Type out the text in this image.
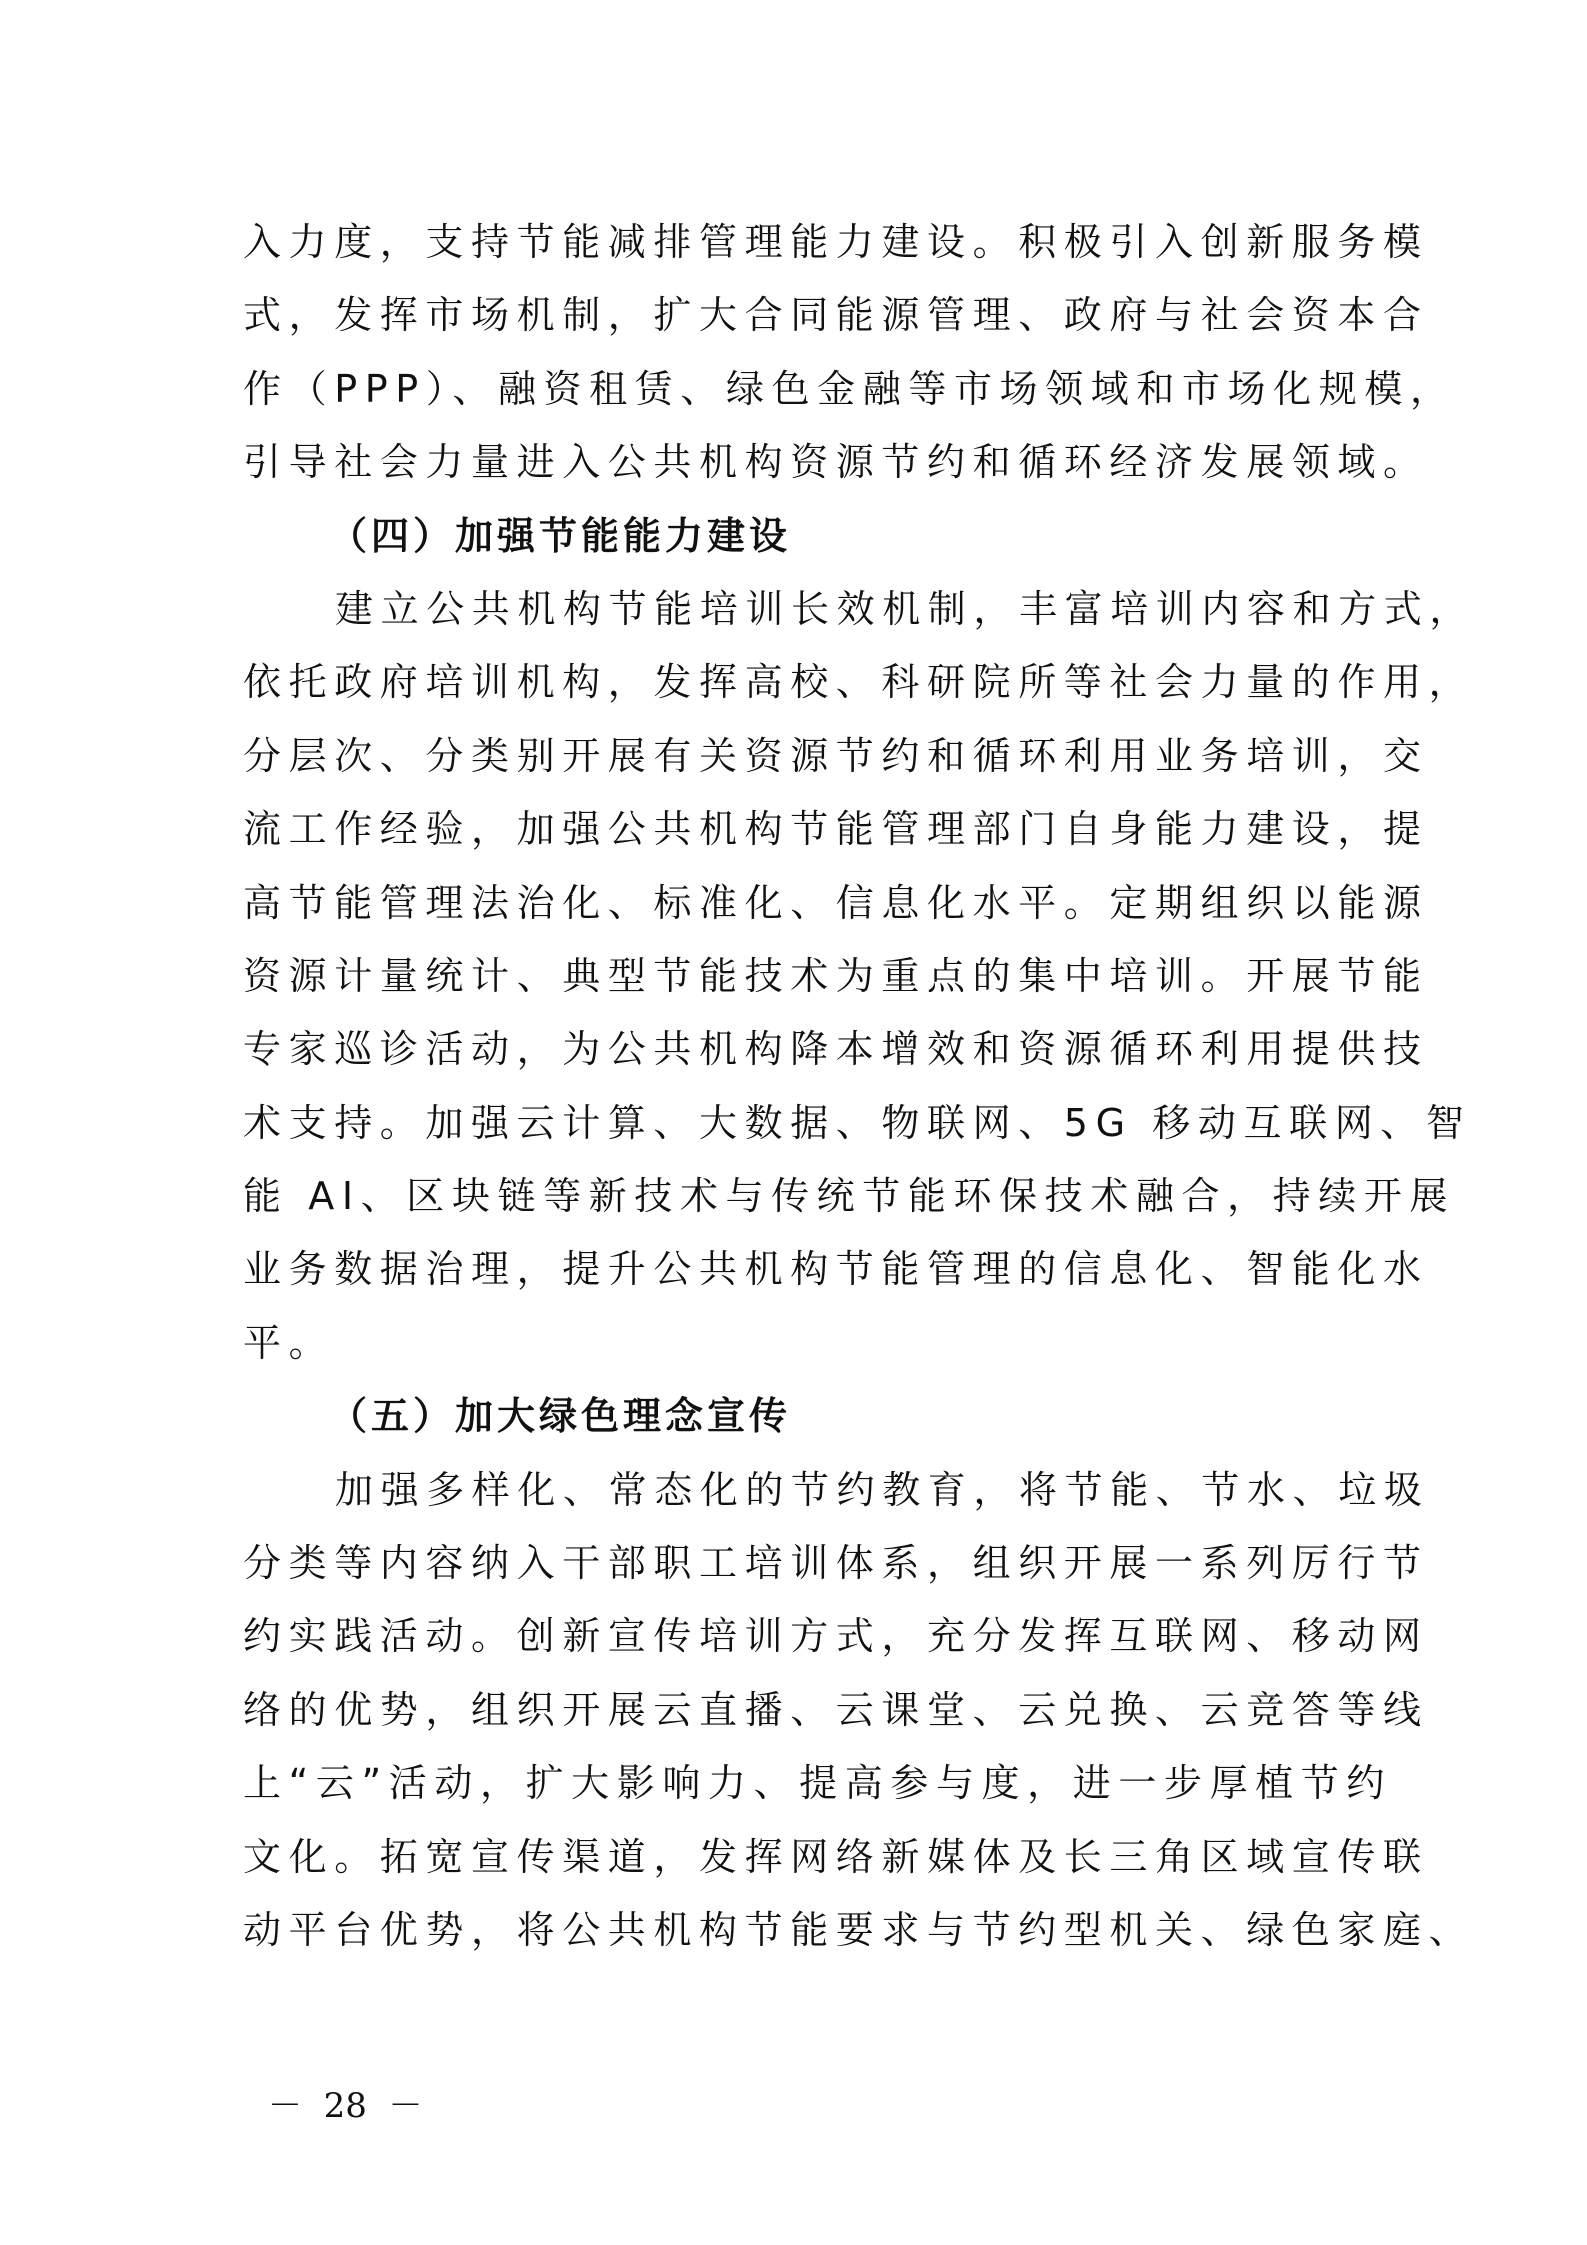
入力度，支持节能减排管理能力建设。积极引入创新服务模
式，发挥市场机制，扩大合同能源管理、政府与社会资本合
作（PPP）、融资租赁、绿色金融等市场领域和市场化规模，
引导社会力量进入公共机构资源节约和循环经济发展领域。
（四）加强节能能力建设
建立公共机构节能培训长效机制，丰富培训内容和方式，
依托政府培训机构，发挥高校、科研院所等社会力量的作用，
分层次、分类别开展有关资源节约和循环利用业务培训，交
流工作经验，加强公共机构节能管理部门自身能力建设，提
高节能管理法治化、标准化、信息化水平。定期组织以能源
资源计量统计、典型节能技术为重点的集中培训。开展节能
专家巡诊活动，为公共机构降本增效和资源循环利用提供技
术支持。加强云计算、大数据、物联网、5G 移动互联网、智
能 AI、区块链等新技术与传统节能环保技术融合，持续开展
业务数据治理，提升公共机构节能管理的信息化、智能化水
平。
（五）加大绿色理念宣传
加强多样化、常态化的节约教育，将节能、节水、垃圾
分类等内容纳入干部职工培训体系，组织开展一系列厉行节
约实践活动。创新宣传培训方式，充分发挥互联网、移动网
络的优势，组织开展云直播、云课堂、云兑换、云竞答等线
上“云”活动，扩大影响力、提高参与度，进一步厚植节约
文化。拓宽宣传渠道，发挥网络新媒体及长三角区域宣传联
动平台优势，将公共机构节能要求与节约型机关、绿色家庭、
－  28  －
